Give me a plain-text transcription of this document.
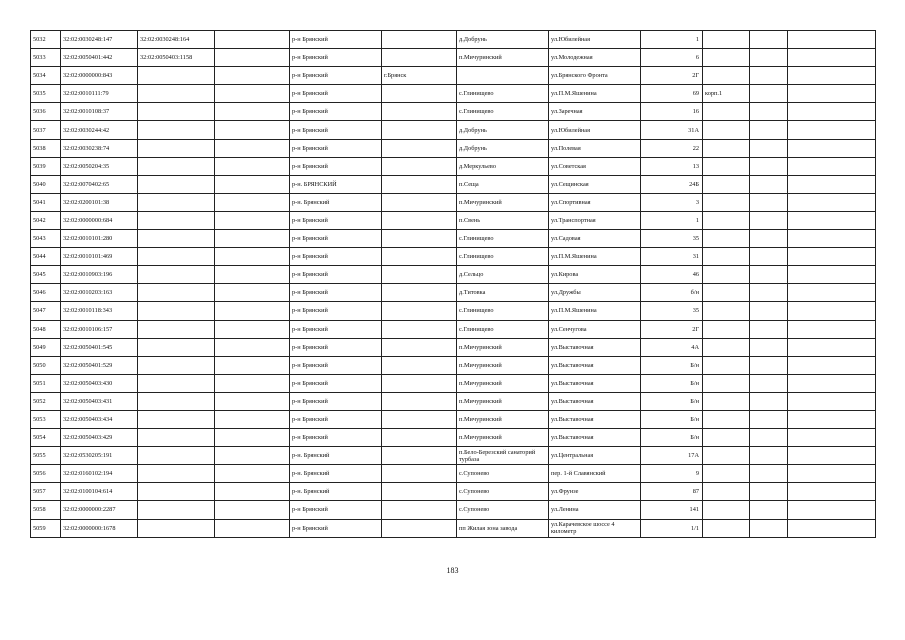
5032	32:02:0030248:147	32:02:0030248:164		р-н Брянский		д.Добрунь	ул.Юбилейная	1			
5033	32:02:0050401:442	32:02:0050403:1158		р-н Брянский		п.Мичуринский	ул.Молодежная	6			
5034	32:02:0000000:843			р-н Брянский	г.Брянск		ул.Брянского Фронта	2Г			
5035	32:02:0010111:79			р-н Брянский		с.Глинищево	ул.П.М.Яшенина	69	корп.1		
5036	32:02:0010108:37			р-н Брянский		с.Глинищево	ул.Заречная	16			
5037	32:02:0030244:42			р-н Брянский		д.Добрунь	ул.Юбилейная	31А			
5038	32:02:0030238:74			р-н Брянский		д.Добрунь	ул.Полевая	22			
5039	32:02:0050204:35			р-н Брянский		д.Меркульево	ул.Советская	13			
5040	32:02:0070402:65			р-н. БРЯНСКИЙ		п.Сеща	ул.Сещинская	24Б			
5041	32:02:0200101:38			р-н. Брянский		п.Мичуринский	ул.Спортивная	3			
5042	32:02:0000000:684			р-н Брянский		п.Свень	ул.Транспортная	1			
5043	32:02:0010101:280			р-н Брянский		с.Глинищево	ул.Садовая	35			
5044	32:02:0010101:469			р-н Брянский		с.Глинищево	ул.П.М.Яшенина	31			
5045	32:02:0010903:196			р-н Брянский		д.Сельцо	ул.Кирова	46			
5046	32:02:0010203:163			р-н Брянский		д.Титовка	ул.Дружбы	б/н			
5047	32:02:0010118:343			р-н Брянский		с.Глинищево	ул.П.М.Яшенина	35			
5048	32:02:0010106:157			р-н Брянский		с.Глинищево	ул.Сенчугова	2Г			
5049	32:02:0050401:545			р-н Брянский		п.Мичуринский	ул.Выставочная	4А			
5050	32:02:0050401:529			р-н Брянский		п.Мичуринский	ул.Выставочная	Б/н			
5051	32:02:0050403:430			р-н Брянский		п.Мичуринский	ул.Выставочная	Б/н			
5052	32:02:0050403:431			р-н Брянский		п.Мичуринский	ул.Выставочная	Б/н			
5053	32:02:0050403:434			р-н Брянский		п.Мичуринский	ул.Выставочная	Б/н			
5054	32:02:0050403:429			р-н Брянский		п.Мичуринский	ул.Выставочная	Б/н			
5055	32:02:0530205:191			р-н. Брянский		п.Бело-Березский санаторий турбаза	ул.Центральная	17А			
5056	32:02:0160102:194			р-н. Брянский		с.Супонево	пер. 1-й Славянский	9			
5057	32:02:0100104:614			р-н. Брянский		с.Супонево	ул.Фрунзе	87			
5058	32:02:0000000:2287			р-н Брянский		с.Супонево	ул.Ленина	141			
5059	32:02:0000000:1678			р-н Брянский		пп Жилая зона завода	ул.Карачевское шоссе 4 километр	1/1			
183
